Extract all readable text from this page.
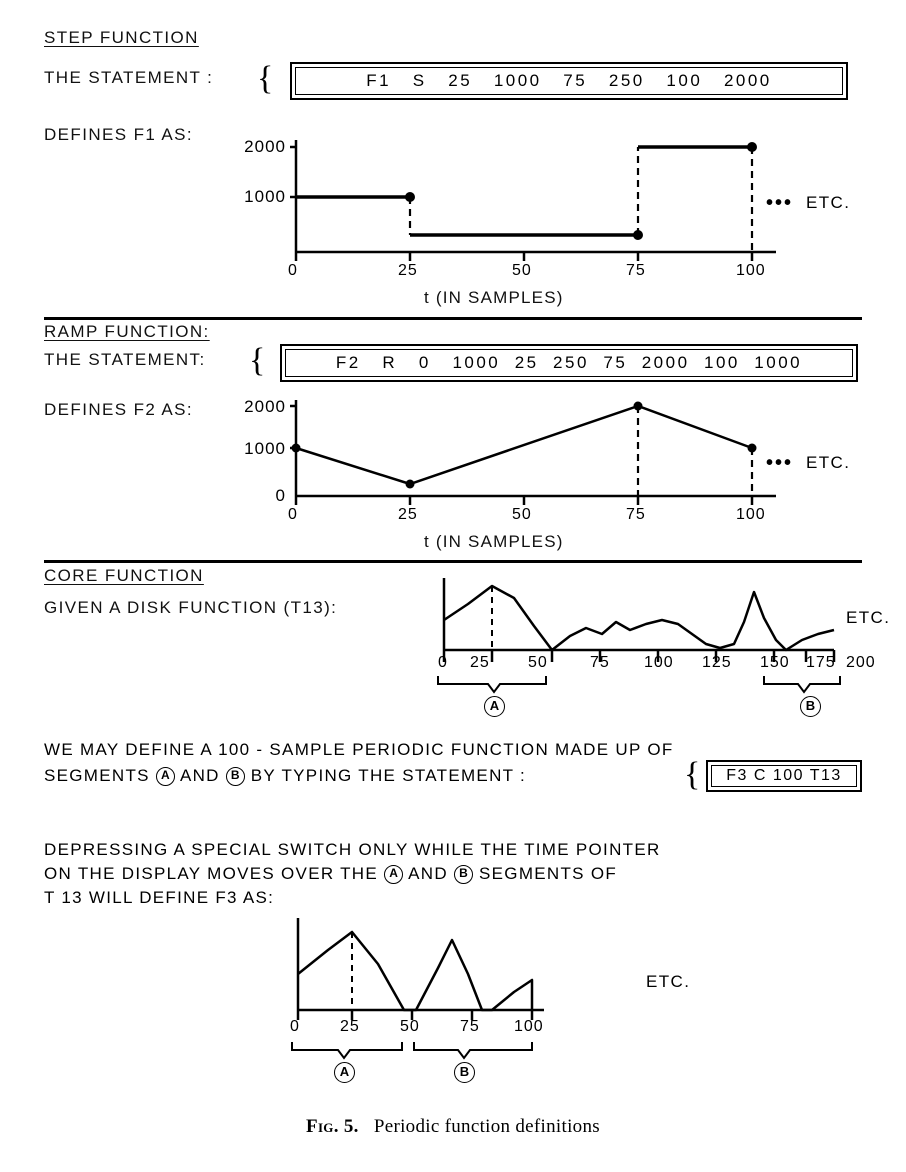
STEP FUNCTION
THE STATEMENT : {	F1   S   25   1000   75   250   100   2000
DEFINES F1 AS:
2000
1000
0	25	50	75	100
t (IN SAMPLES)
••• ETC.
RAMP FUNCTION:
THE STATEMENT: {	F2   R   0   1000  25  250  75  2000  100  1000
DEFINES F2 AS:	2000
1000
0
0	25	50	75	100
t (IN SAMPLES)
••• ETC.
CORE FUNCTION
GIVEN A DISK FUNCTION (T13):
ETC.
0 25 50	75 100 125 150 175 200
A	B
WE MAY DEFINE A 100 - SAMPLE PERIODIC FUNCTION MADE UP OF
SEGMENTS A AND B BY TYPING THE STATEMENT :	{	F3 C 100 T13
DEPRESSING A SPECIAL SWITCH ONLY WHILE THE TIME POINTER
ON THE DISPLAY MOVES OVER THE A AND B SEGMENTS OF
T 13 WILL DEFINE F3 AS:
0	25	50	75 100
ETC.
A	B
Fig. 5. Periodic function definitions
